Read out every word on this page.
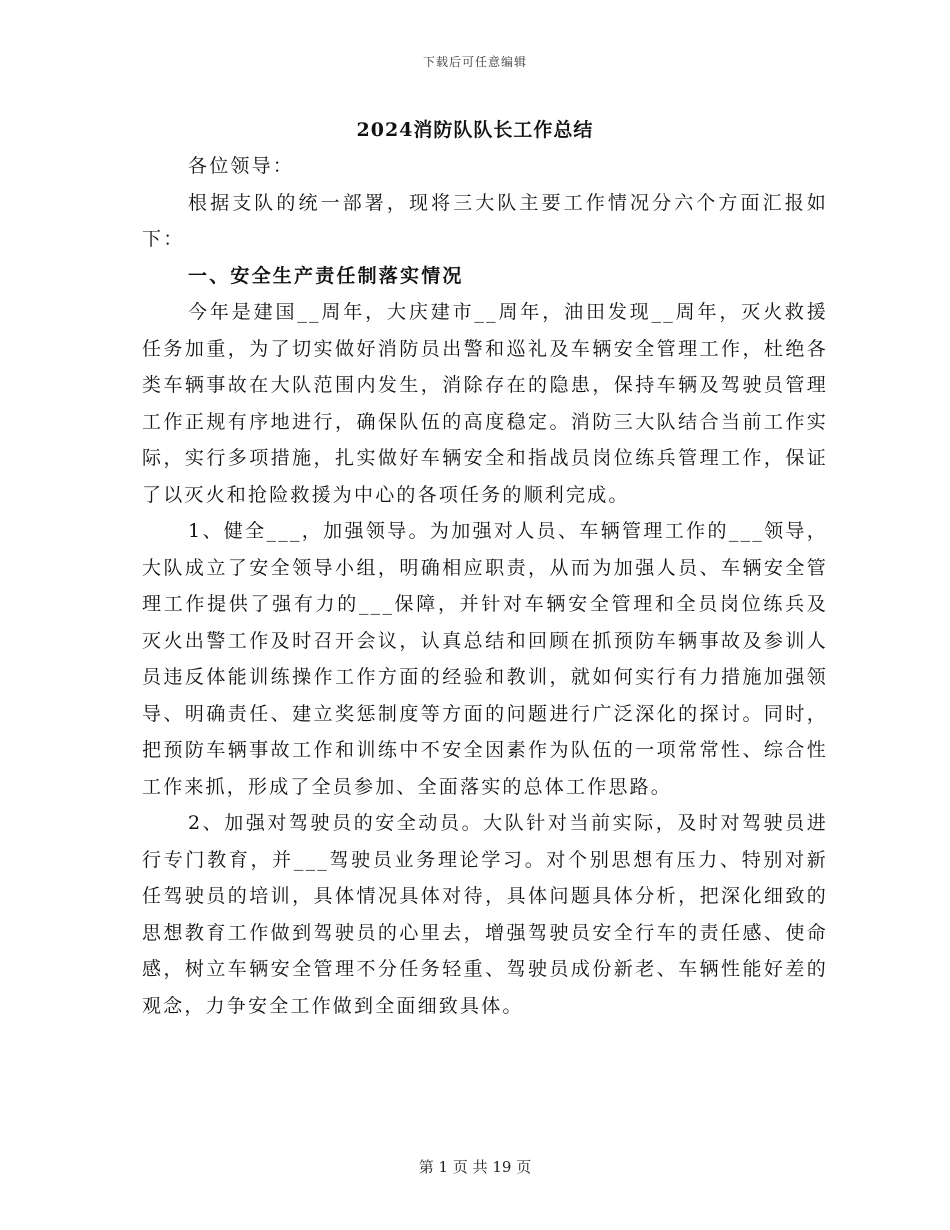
下载后可任意编辑
2024消防队队长工作总结

各位领导：

根据支队的统一部署，现将三大队主要工作情况分六个方面汇报如下：

一、安全生产责任制落实情况

今年是建国__周年，大庆建市__周年，油田发现__周年，灭火救援任务加重，为了切实做好消防员出警和巡礼及车辆安全管理工作，杜绝各类车辆事故在大队范围内发生，消除存在的隐患，保持车辆及驾驶员管理工作正规有序地进行，确保队伍的高度稳定。消防三大队结合当前工作实际，实行多项措施，扎实做好车辆安全和指战员岗位练兵管理工作，保证了以灭火和抢险救援为中心的各项任务的顺利完成。

1、健全___，加强领导。为加强对人员、车辆管理工作的___领导，大队成立了安全领导小组，明确相应职责，从而为加强人员、车辆安全管理工作提供了强有力的___保障，并针对车辆安全管理和全员岗位练兵及灭火出警工作及时召开会议，认真总结和回顾在抓预防车辆事故及参训人员违反体能训练操作工作方面的经验和教训，就如何实行有力措施加强领导、明确责任、建立奖惩制度等方面的问题进行广泛深化的探讨。同时，把预防车辆事故工作和训练中不安全因素作为队伍的一项常常性、综合性工作来抓，形成了全员参加、全面落实的总体工作思路。

2、加强对驾驶员的安全动员。大队针对当前实际，及时对驾驶员进行专门教育，并___驾驶员业务理论学习。对个别思想有压力、特别对新任驾驶员的培训，具体情况具体对待，具体问题具体分析，把深化细致的思想教育工作做到驾驶员的心里去，增强驾驶员安全行车的责任感、使命感，树立车辆安全管理不分任务轻重、驾驶员成份新老、车辆性能好差的观念，力争安全工作做到全面细致具体。

第 1 页 共 19 页
